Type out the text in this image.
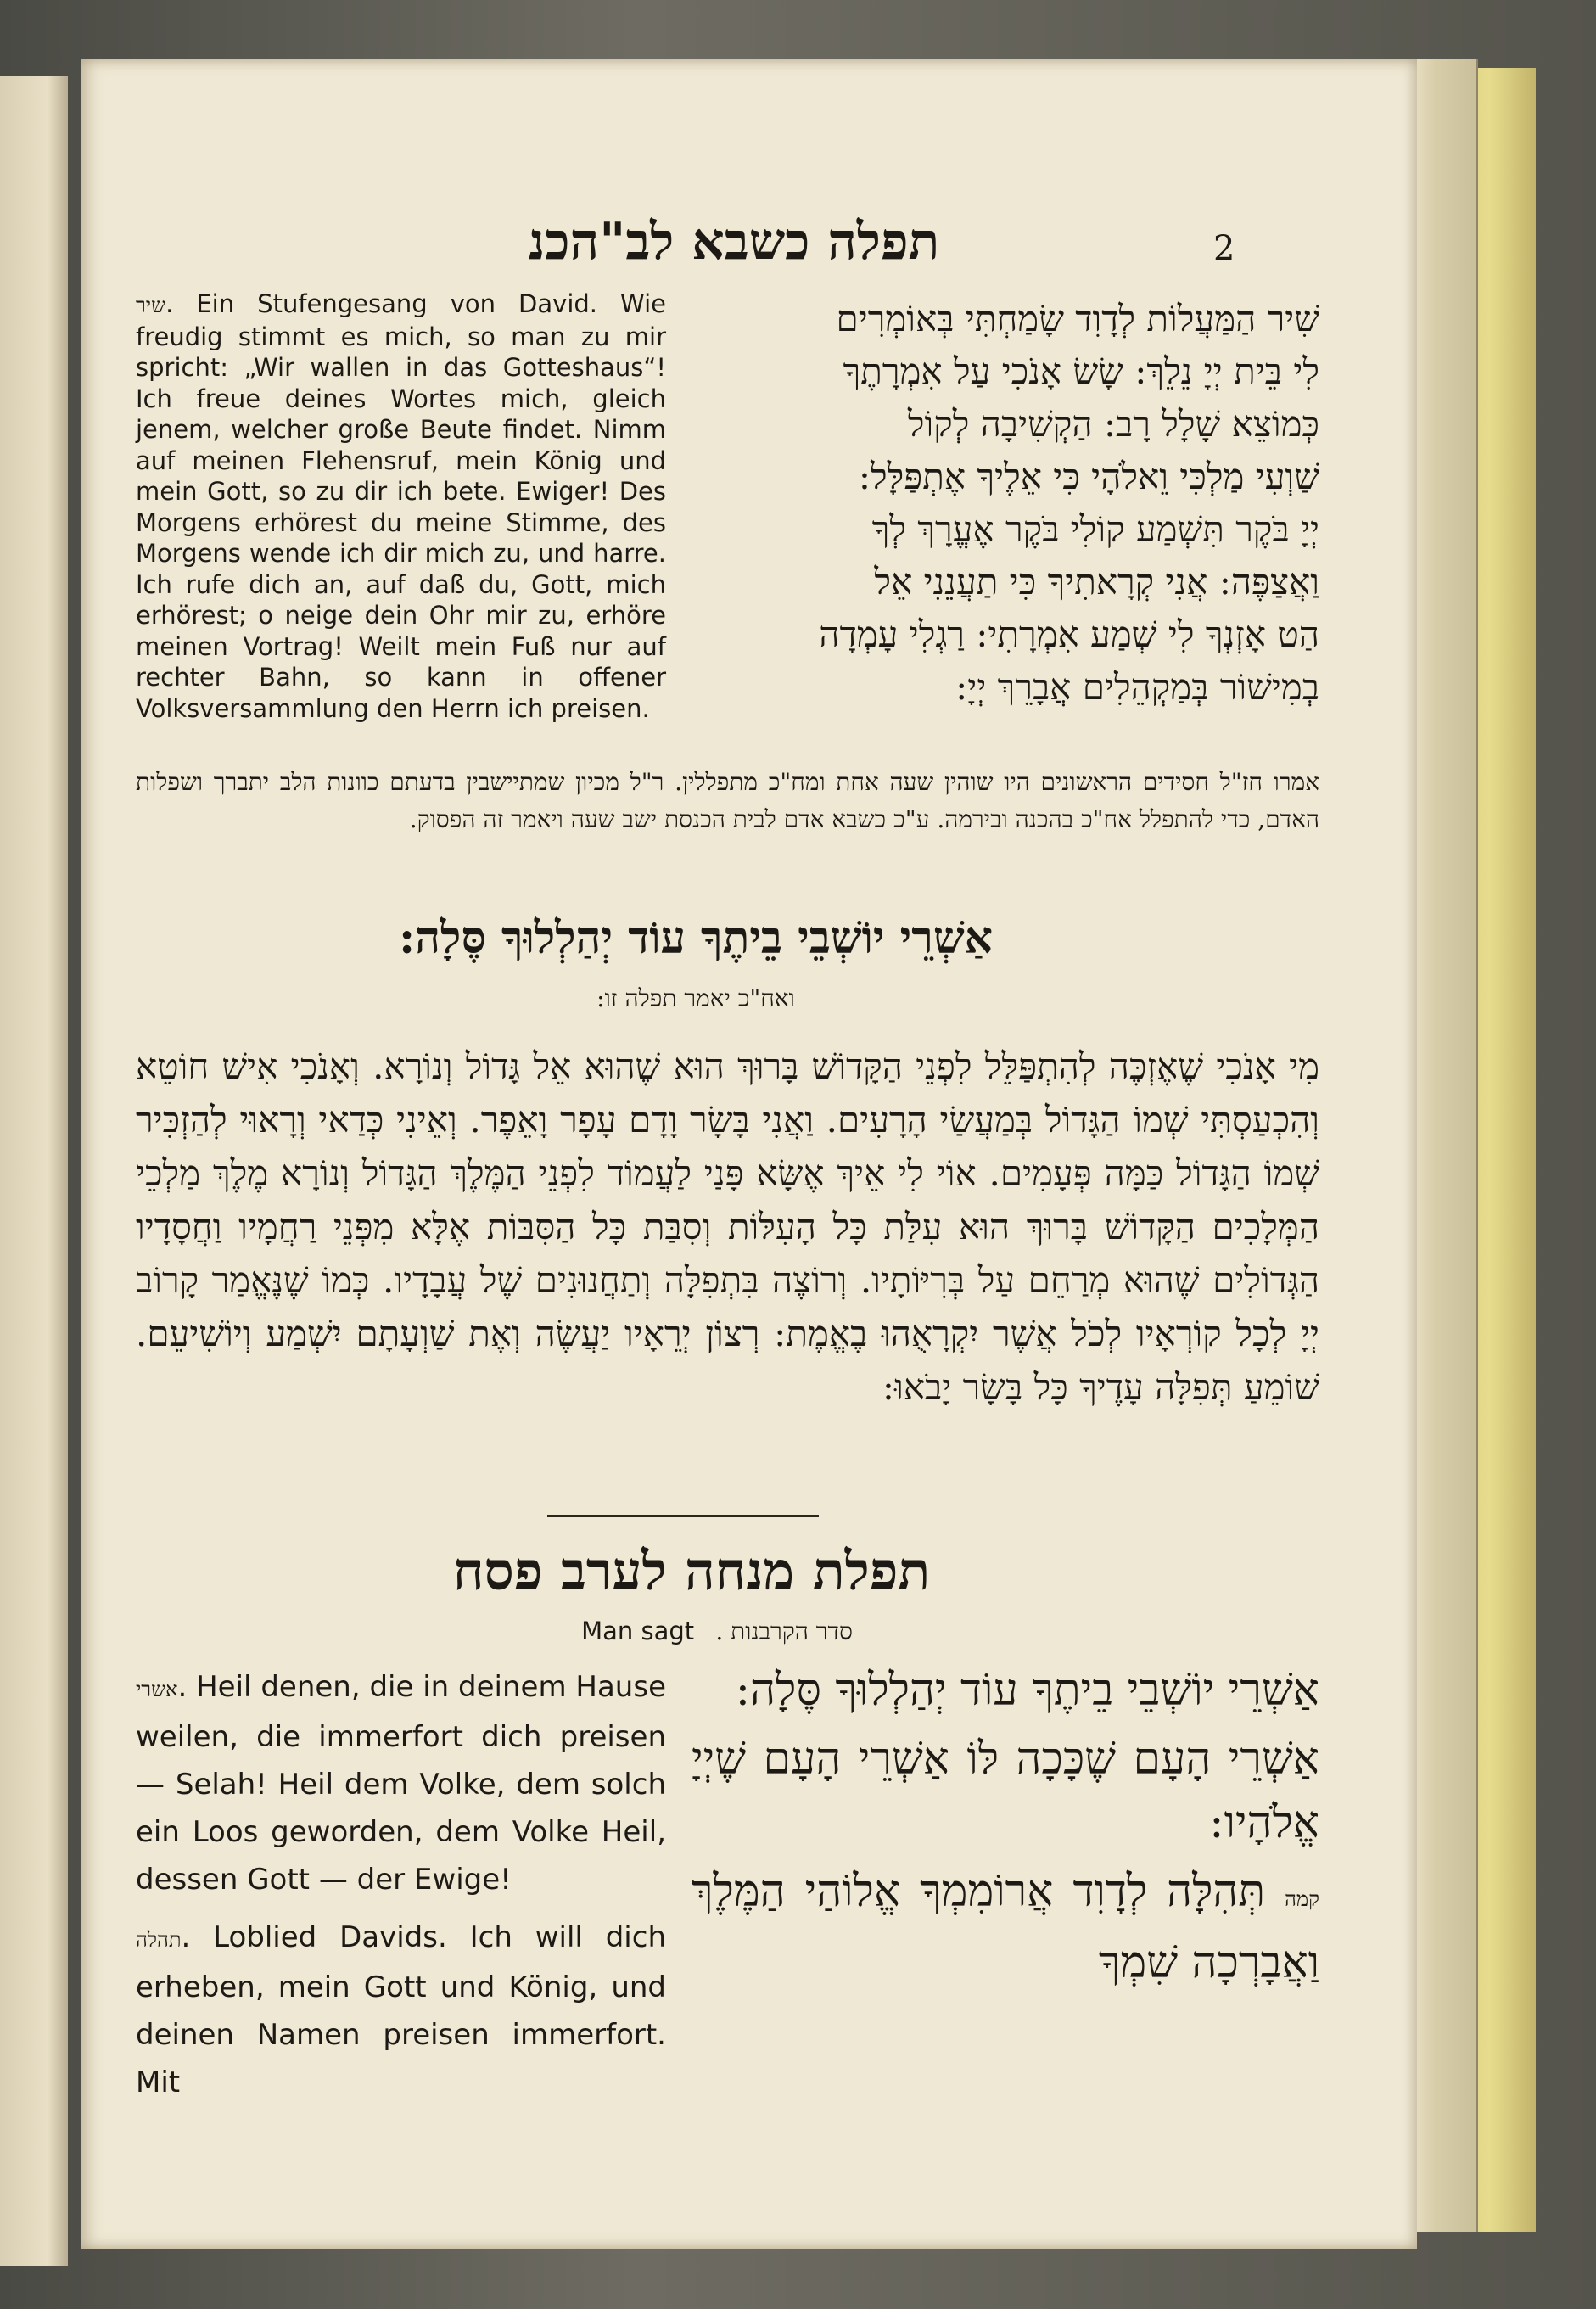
2
תפלה כשבא לב"הכנ

שִׁיר הַמַּעֲלוֹת לְדָוִד שָׂמַחְתִּי בְּאוֹמְרִים

לִי בֵּית יְיָ נֵלֵךְ: שָׂשׂ אָנֹכִי עַל אִמְרָתֶךָ

כְּמוֹצֵא שָׁלָל רָב: הַקְשִׁיבָה לְקוֹל

שַׁוְעִי מַלְכִּי וֵאלֹהָי כִּי אֵלֶיךָ אֶתְפַּלָּל:

יְיָ בֹּקֶר תִּשְׁמַע קוֹלִי בֹּקֶר אֶעֱרָךְ לְךָ

וַאֲצַפֶּה: אֲנִי קְרָאתִיךָ כִּי תַעֲנֵנִי אֵל

הַט אָזְנְךָ לִי שְׁמַע אִמְרָתִי: רַגְלִי עָמְדָה

בְמִישׁוֹר בְּמַקְהֵלִים אֲבָרֵךְ יְיָ:

שיר. Ein Stufengesang von David. Wie freudig stimmt es mich, so man zu mir spricht: „Wir wallen in das Gotteshaus“! Ich freue deines Wortes mich, gleich jenem, welcher große Beute findet. Nimm auf meinen Flehensruf, mein König und mein Gott, so zu dir ich bete. Ewiger! Des Morgens erhörest du meine Stimme, des Morgens wende ich dir mich zu, und harre. Ich rufe dich an, auf daß du, Gott, mich erhörest; o neige dein Ohr mir zu, erhöre meinen Vortrag! Weilt mein Fuß nur auf rechter Bahn, so kann in offener Volksversammlung den Herrn ich preisen.
אמרו חז"ל חסידים הראשונים היו שוהין שעה אחת ומח"כ מתפללין. ר"ל מכיון שמתיישבין בדעתם כוונות הלב יתברך ושפלות האדם, כדי להתפלל אח"כ בהכנה ובירמה. ע"כ כשבא אדם לבית הכנסת ישב שעה ויאמר זה הפסוק.
אַשְׁרֵי יוֹשְׁבֵי בֵיתֶךָ עוֹד יְהַלְלוּךָ סֶּלָה:
ואח"כ יאמר תפלה זו:
מִי אָנֹכִי שֶׁאֶזְכֶּה לְהִתְפַּלֵּל לִפְנֵי הַקָּדוֹשׁ בָּרוּךְ הוּא שֶׁהוּא אֵל גָּדוֹל וְנוֹרָא. וְאָנֹכִי אִישׁ חוֹטֵא וְהִכְעַסְתִּי שְׁמוֹ הַגָּדוֹל בְּמַעֲשַׂי הָרָעִים. וַאֲנִי בָּשָׂר וָדָם עָפָר וָאֵפֶר. וְאֵינִי כְּדַאי וְרָאוּי לְהַזְכִּיר שְׁמוֹ הַגָּדוֹל כַּמָּה פְּעָמִים. אוֹי לִי אֵיךְ אֶשָּׂא פָּנַי לַעֲמוֹד לִפְנֵי הַמֶּלֶךְ הַגָּדוֹל וְנוֹרָא מֶלֶךְ מַלְכֵי הַמְּלָכִים הַקָּדוֹשׁ בָּרוּךְ הוּא עִלַּת כָּל הָעִלּוֹת וְסִבַּת כָּל הַסִּבּוֹת אֶלָּא מִפְּנֵי רַחֲמָיו וַחֲסָדָיו הַגְּדוֹלִים שֶׁהוּא מְרַחֵם עַל בְּרִיּוֹתָיו. וְרוֹצֶה בִּתְפִלָּה וְתַחֲנוּנִים שֶׁל עֲבָדָיו. כְּמוֹ שֶׁנֶּאֱמַר קָרוֹב יְיָ לְכָל קוֹרְאָיו לְכֹל אֲשֶׁר יִקְרָאֻהוּ בֶאֱמֶת: רְצוֹן יְרֵאָיו יַעֲשֶׂה וְאֶת שַׁוְעָתָם יִשְׁמַע וְיוֹשִׁיעֵם. שׁוֹמֵעַ תְּפִלָּה עָדֶיךָ כָּל בָּשָׂר יָבֹאוּ:
תפלת מנחה לערב פסח
Man sagt סדר הקרבנות .

אַשְׁרֵי יוֹשְׁבֵי בֵיתֶךָ עוֹד יְהַלְלוּךָ סֶּלָה:

אַשְׁרֵי הָעָם שֶׁכָּכָה לּוֹ אַשְׁרֵי הָעָם שֶׁיְיָ אֱלֹהָיו:

קמה תְּהִלָּה לְדָוִד אֲרוֹמִמְךָ אֱלוֹהַי הַמֶּלֶךְ וַאֲבָרְכָה שִׁמְךָ

אשרי. Heil denen, die in deinem Hause weilen, die immerfort dich preisen — Selah! Heil dem Volke, dem solch ein Loos geworden, dem Volke Heil, dessen Gott — der Ewige!

תהלה. Loblied Davids. Ich will dich erheben, mein Gott und König, und deinen Namen preisen immerfort. Mit
